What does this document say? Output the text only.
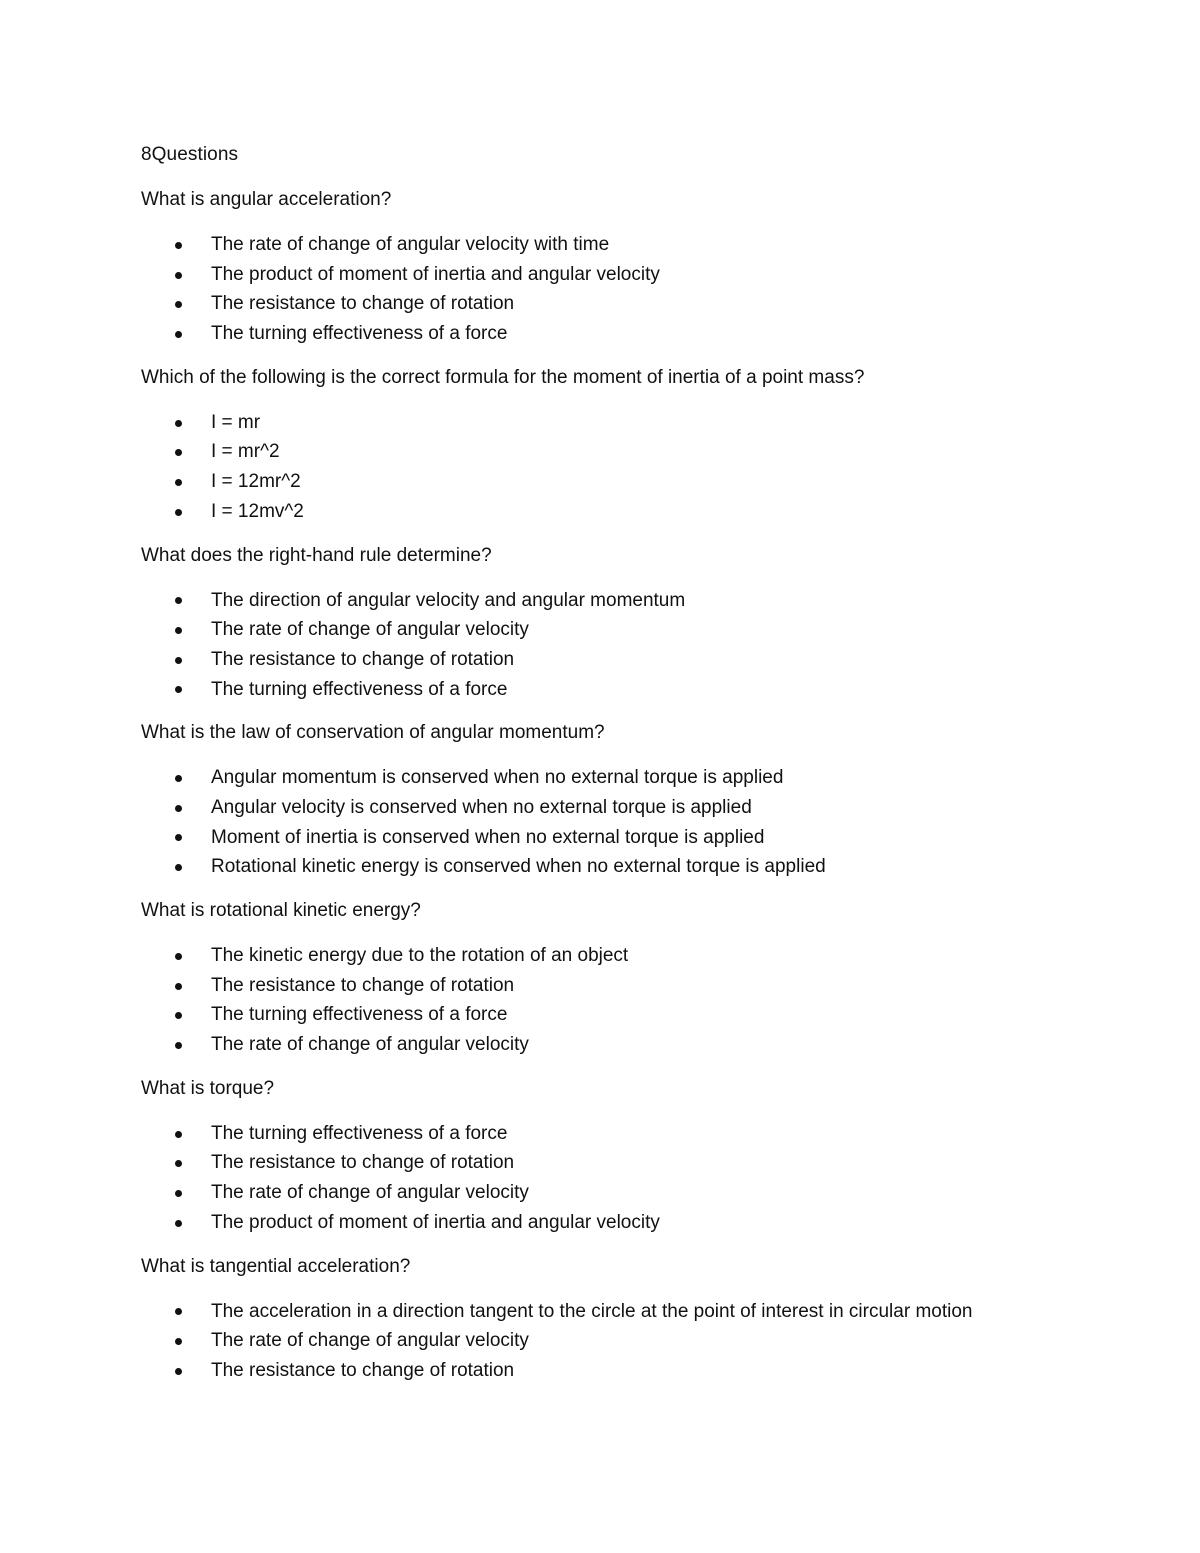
8Questions
What is angular acceleration?
The rate of change of angular velocity with time
The product of moment of inertia and angular velocity
The resistance to change of rotation
The turning effectiveness of a force
Which of the following is the correct formula for the moment of inertia of a point mass?
I = mr
I = mr^2
I = 12mr^2
I = 12mv^2
What does the right-hand rule determine?
The direction of angular velocity and angular momentum
The rate of change of angular velocity
The resistance to change of rotation
The turning effectiveness of a force
What is the law of conservation of angular momentum?
Angular momentum is conserved when no external torque is applied
Angular velocity is conserved when no external torque is applied
Moment of inertia is conserved when no external torque is applied
Rotational kinetic energy is conserved when no external torque is applied
What is rotational kinetic energy?
The kinetic energy due to the rotation of an object
The resistance to change of rotation
The turning effectiveness of a force
The rate of change of angular velocity
What is torque?
The turning effectiveness of a force
The resistance to change of rotation
The rate of change of angular velocity
The product of moment of inertia and angular velocity
What is tangential acceleration?
The acceleration in a direction tangent to the circle at the point of interest in circular motion
The rate of change of angular velocity
The resistance to change of rotation
